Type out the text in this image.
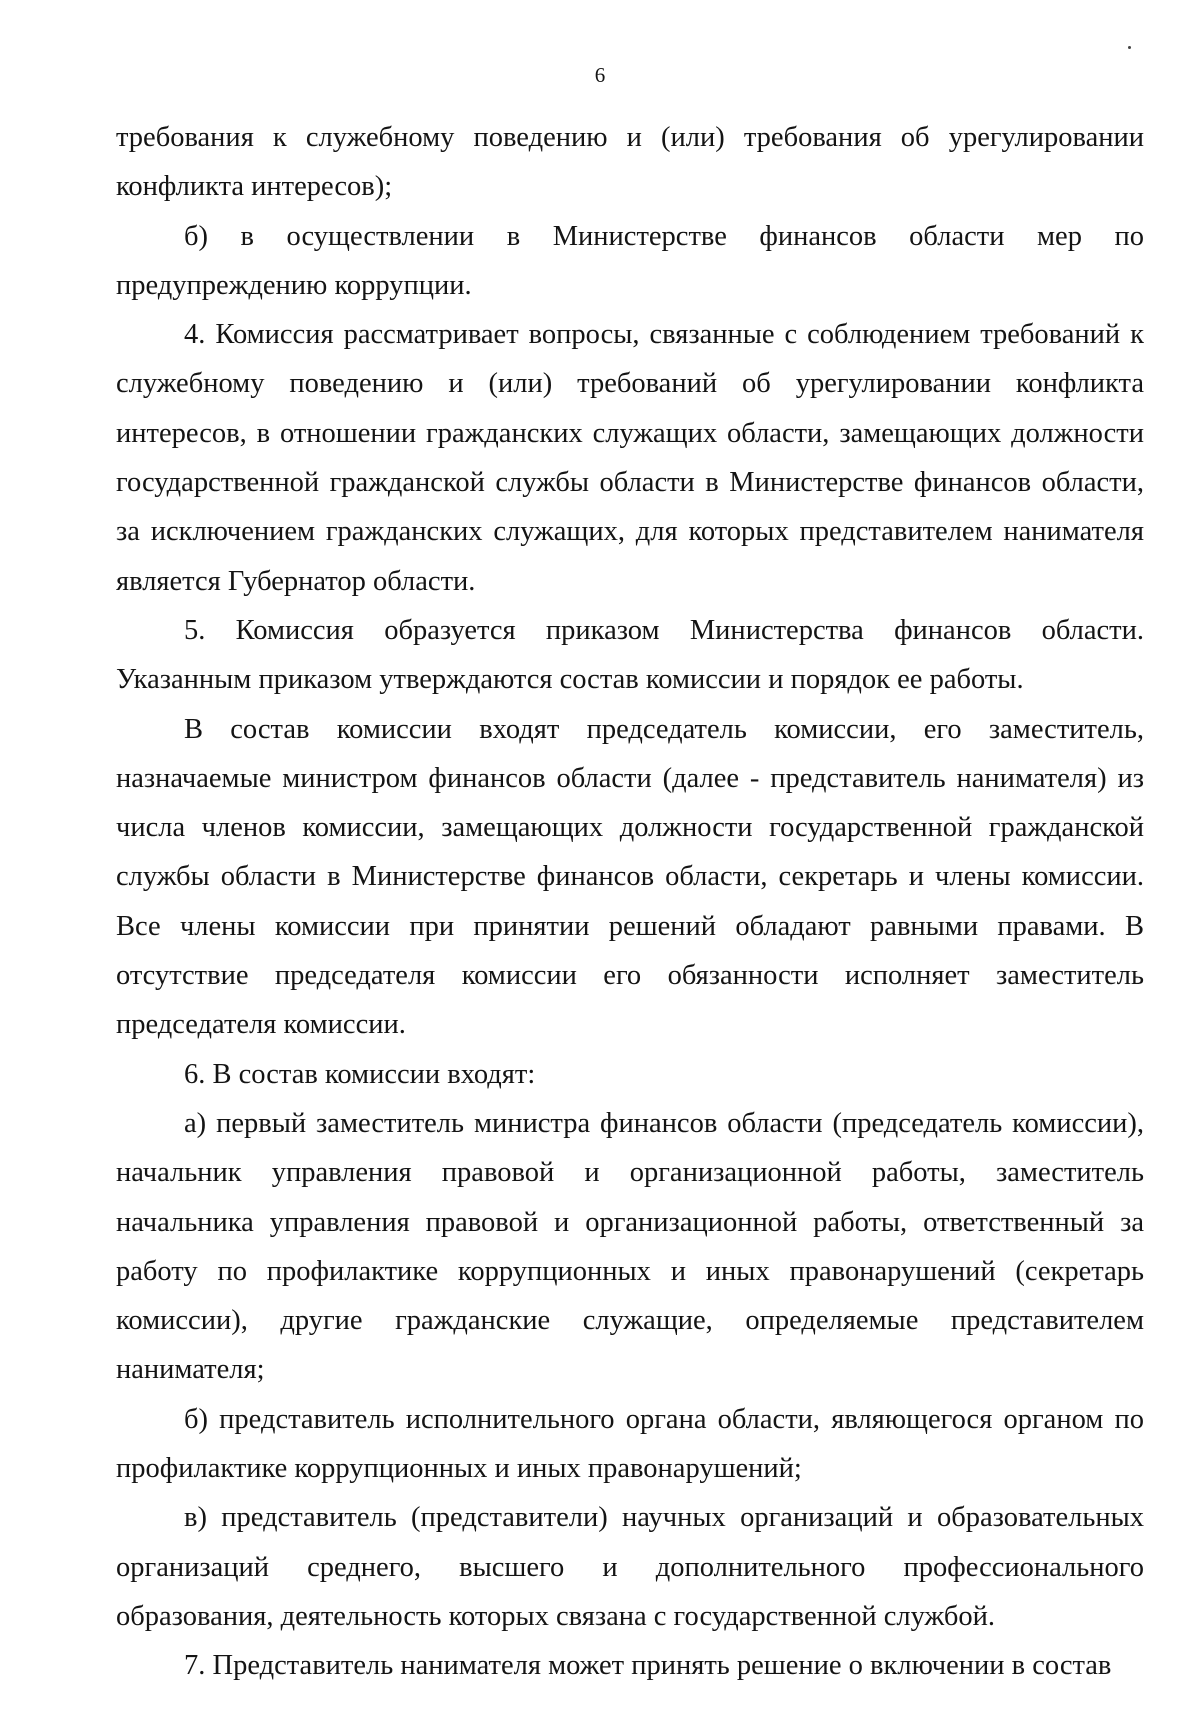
6

требования к служебному поведению и (или) требования об урегулировании конфликта интересов);

б) в осуществлении в Министерстве финансов области мер по предупреждению коррупции.

4. Комиссия рассматривает вопросы, связанные с соблюдением требований к служебному поведению и (или) требований об урегулировании конфликта интересов, в отношении гражданских служащих области, замещающих должности государственной гражданской службы области в Министерстве финансов области, за исключением гражданских служащих, для которых представителем нанимателя является Губернатор области.

5. Комиссия образуется приказом Министерства финансов области. Указанным приказом утверждаются состав комиссии и порядок ее работы.

В состав комиссии входят председатель комиссии, его заместитель, назначаемые министром финансов области (далее - представитель нанимателя) из числа членов комиссии, замещающих должности государственной гражданской службы области в Министерстве финансов области, секретарь и члены комиссии. Все члены комиссии при принятии решений обладают равными правами. В отсутствие председателя комиссии его обязанности исполняет заместитель председателя комиссии.

6. В состав комиссии входят:

а) первый заместитель министра финансов области (председатель комиссии), начальник управления правовой и организационной работы, заместитель начальника управления правовой и организационной работы, ответственный за работу по профилактике коррупционных и иных правонарушений (секретарь комиссии), другие гражданские служащие, определяемые представителем нанимателя;

б) представитель исполнительного органа области, являющегося органом по профилактике коррупционных и иных правонарушений;

в) представитель (представители) научных организаций и образовательных организаций среднего, высшего и дополнительного профессионального образования, деятельность которых связана с государственной службой.

7. Представитель нанимателя может принять решение о включении в состав
